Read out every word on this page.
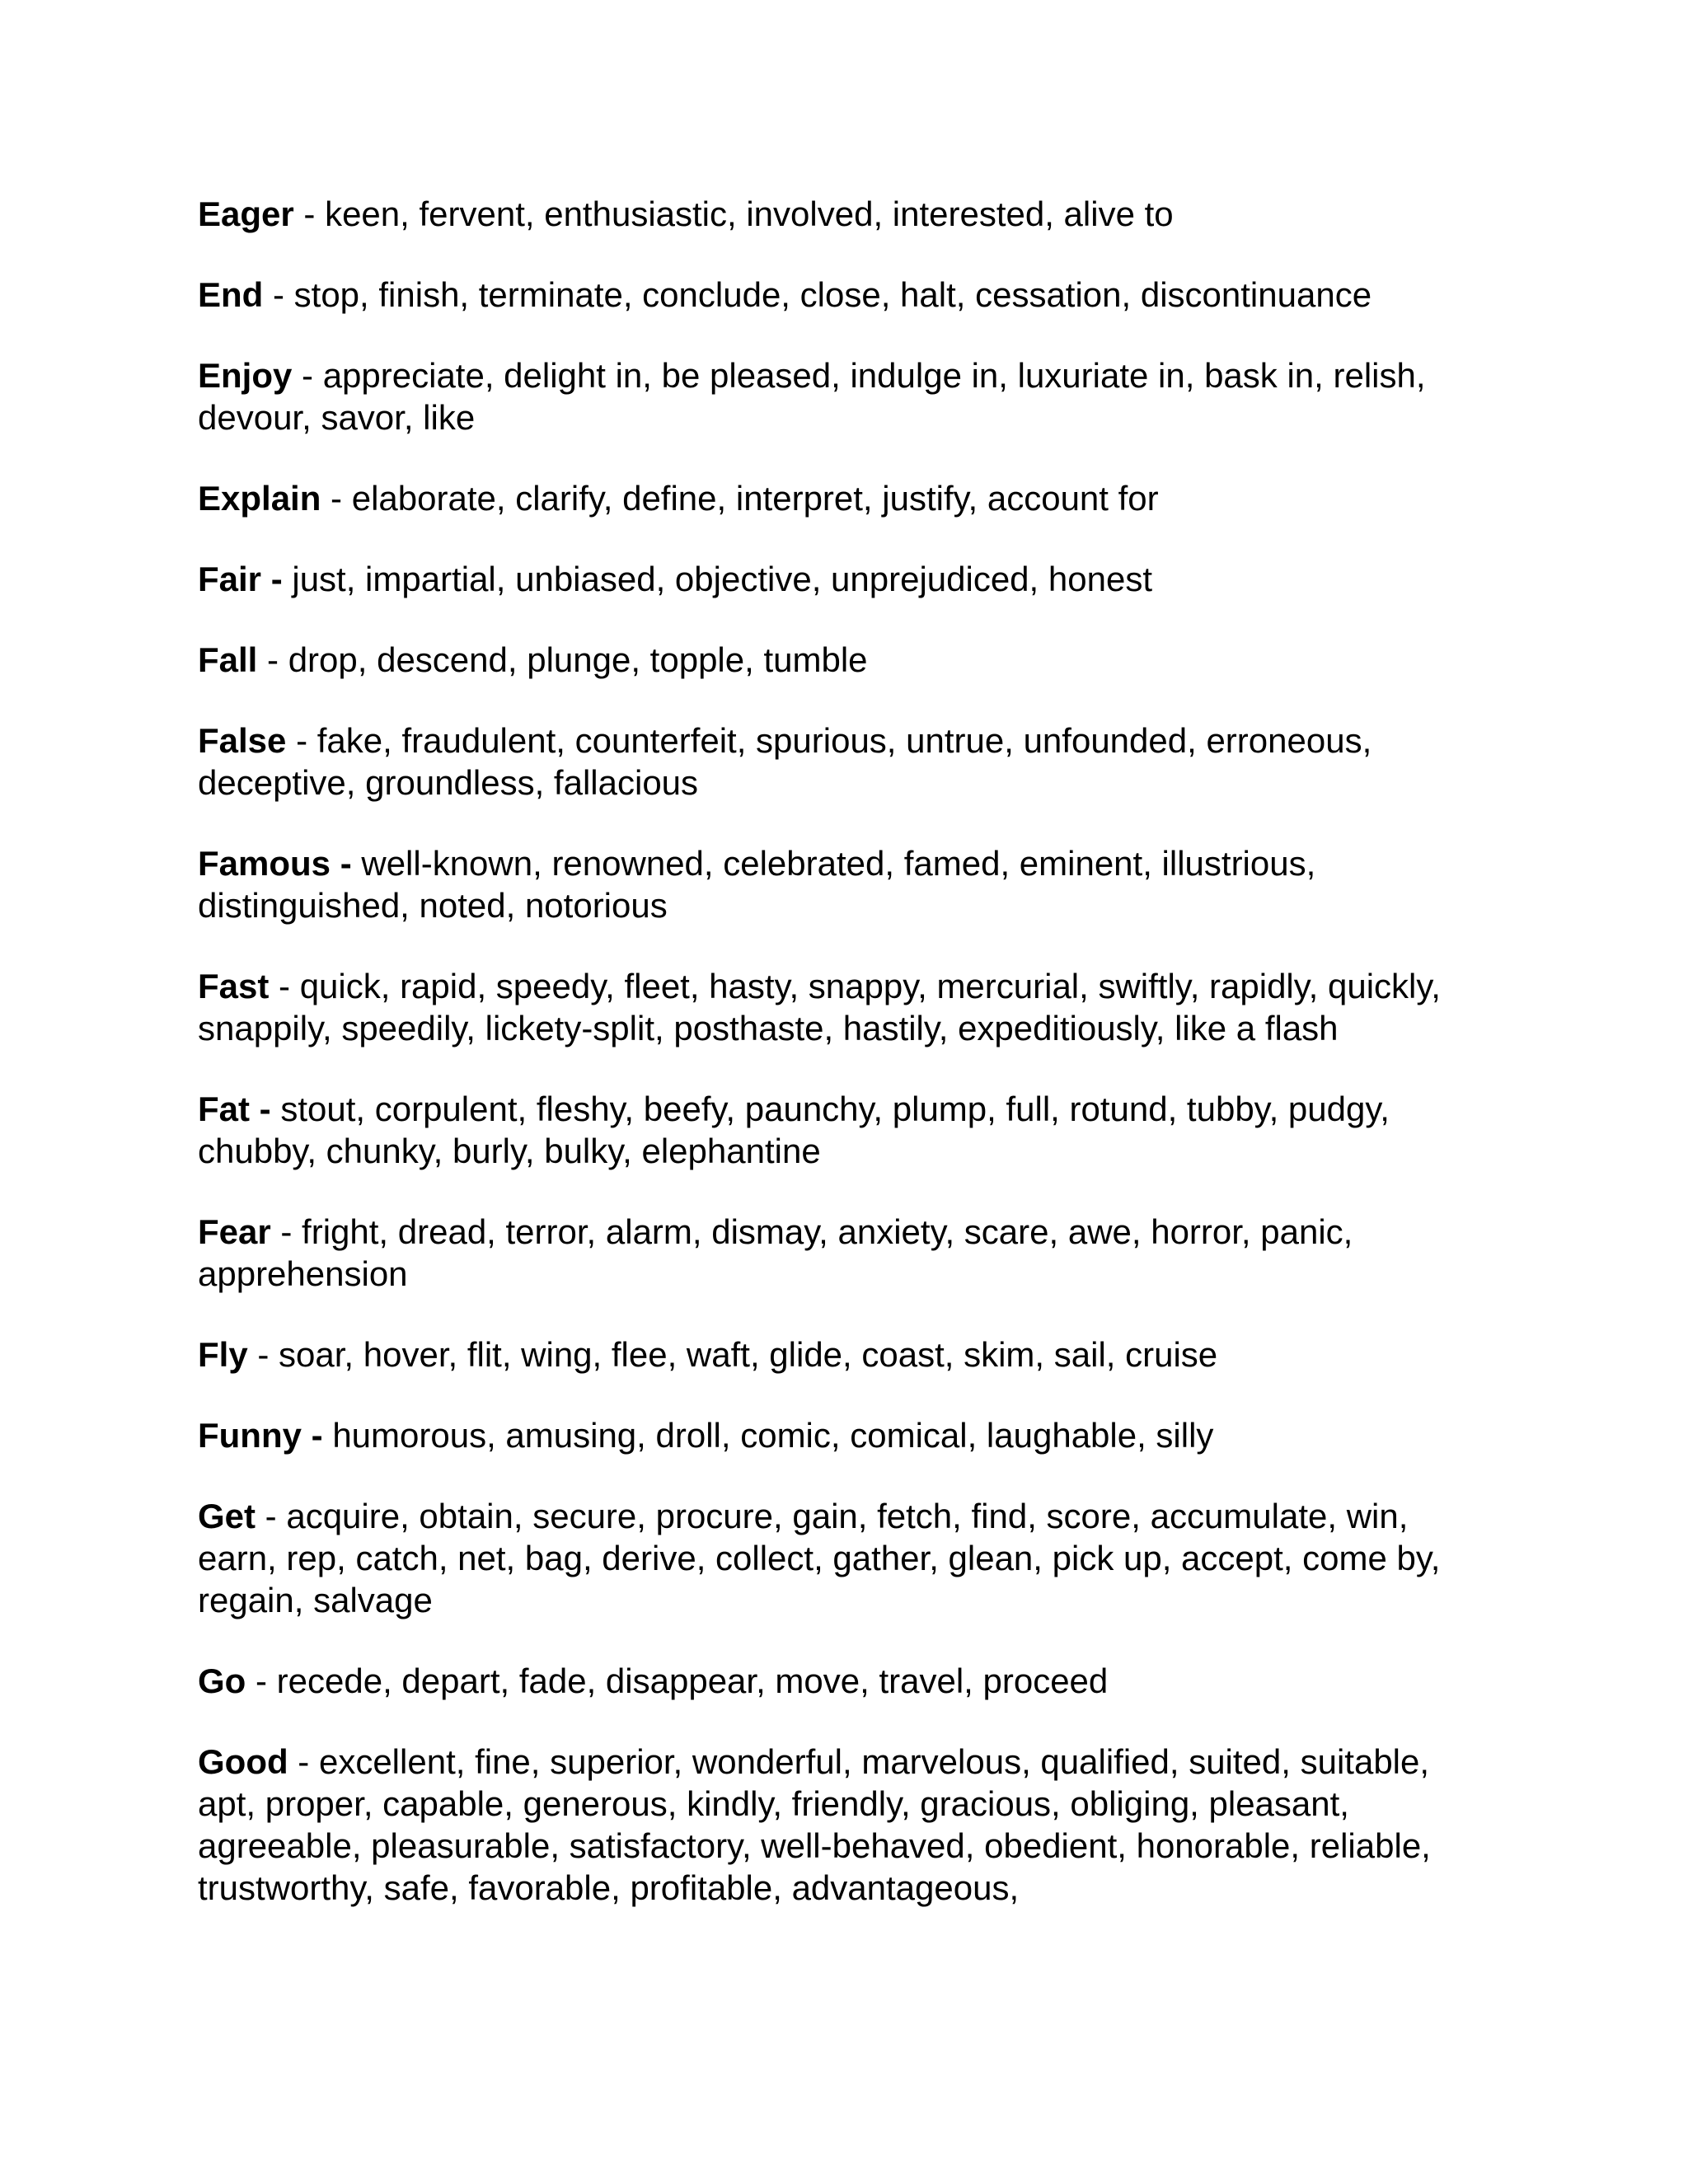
Eager - keen, fervent, enthusiastic, involved, interested, alive to

End - stop, finish, terminate, conclude, close, halt, cessation, discontinuance

Enjoy - appreciate, delight in, be pleased, indulge in, luxuriate in, bask in, relish, devour, savor, like

Explain - elaborate, clarify, define, interpret, justify, account for

Fair - just, impartial, unbiased, objective, unprejudiced, honest

Fall - drop, descend, plunge, topple, tumble

False - fake, fraudulent, counterfeit, spurious, untrue, unfounded, erroneous, deceptive, groundless, fallacious

Famous - well-known, renowned, celebrated, famed, eminent, illustrious, distinguished, noted, notorious

Fast - quick, rapid, speedy, fleet, hasty, snappy, mercurial, swiftly, rapidly, quickly, snappily, speedily, lickety-split, posthaste, hastily, expeditiously, like a flash

Fat - stout, corpulent, fleshy, beefy, paunchy, plump, full, rotund, tubby, pudgy, chubby, chunky, burly, bulky, elephantine

Fear - fright, dread, terror, alarm, dismay, anxiety, scare, awe, horror, panic, apprehension

Fly - soar, hover, flit, wing, flee, waft, glide, coast, skim, sail, cruise

Funny - humorous, amusing, droll, comic, comical, laughable, silly

Get - acquire, obtain, secure, procure, gain, fetch, find, score, accumulate, win, earn, rep, catch, net, bag, derive, collect, gather, glean, pick up, accept, come by, regain, salvage

Go - recede, depart, fade, disappear, move, travel, proceed

Good - excellent, fine, superior, wonderful, marvelous, qualified, suited, suitable, apt, proper, capable, generous, kindly, friendly, gracious, obliging, pleasant, agreeable, pleasurable, satisfactory, well-behaved, obedient, honorable, reliable, trustworthy, safe, favorable, profitable, advantageous,
